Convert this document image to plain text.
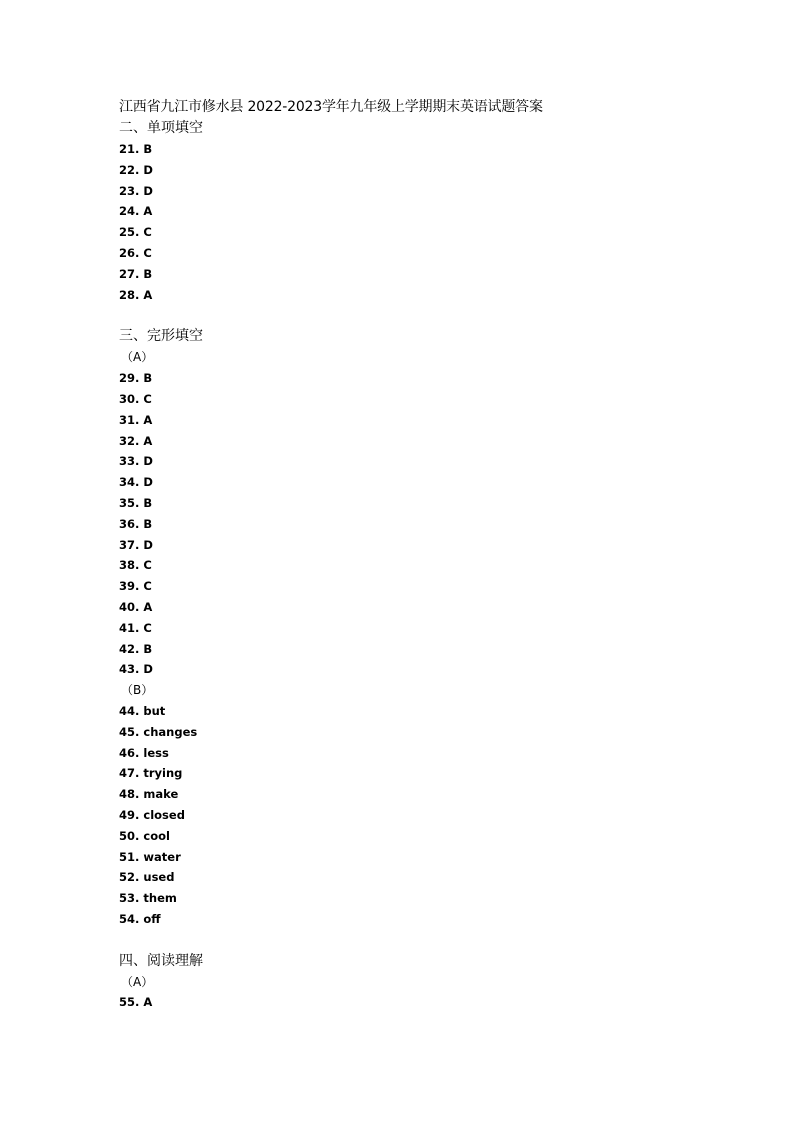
江西省九江市修水县 2022-2023学年九年级上学期期末英语试题答案
二、单项填空
21. B
22. D
23. D
24. A
25. C
26. C
27. B
28. A
三、完形填空
（A）
29. B
30. C
31. A
32. A
33. D
34. D
35. B
36. B
37. D
38. C
39. C
40. A
41. C
42. B
43. D
（B）
44. but
45. changes
46. less
47. trying
48. make
49. closed
50. cool
51. water
52. used
53. them
54. off
四、阅读理解
（A）
55. A
